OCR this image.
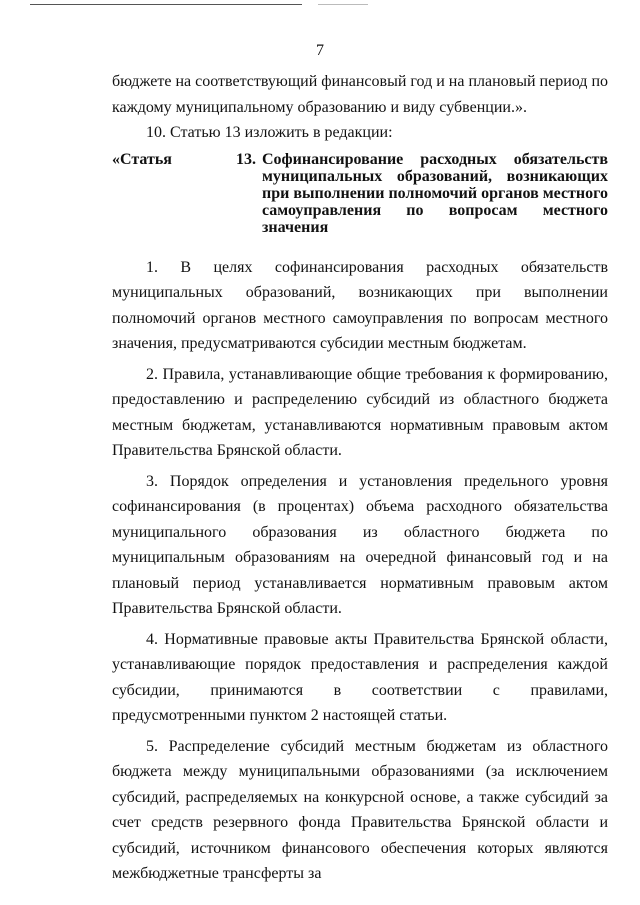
7

бюджете на соответствующий финансовый год и на плановый период по каждому муниципальному образованию и виду субвенции.».

10. Статью 13 изложить в редакции:

«Статья	13. Софинансирование расходных обязательств муниципальных образований, возникающих при выполнении полномочий органов местного самоуправления по вопросам местного значения

1. В целях софинансирования расходных обязательств муниципальных образований, возникающих при выполнении полномочий органов местного самоуправления по вопросам местного значения, предусматриваются субсидии местным бюджетам.

2. Правила, устанавливающие общие требования к формированию, предоставлению и распределению субсидий из областного бюджета местным бюджетам, устанавливаются нормативным правовым актом Правительства Брянской области.

3. Порядок определения и установления предельного уровня софинансирования (в процентах) объема расходного обязательства муниципального образования из областного бюджета по муниципальным образованиям на очередной финансовый год и на плановый период устанавливается нормативным правовым актом Правительства Брянской области.

4. Нормативные правовые акты Правительства Брянской области, устанавливающие порядок предоставления и распределения каждой субсидии, принимаются в соответствии с правилами, предусмотренными пунктом 2 настоящей статьи.

5. Распределение субсидий местным бюджетам из областного бюджета между муниципальными образованиями (за исключением субсидий, распределяемых на конкурсной основе, а также субсидий за счет средств резервного фонда Правительства Брянской области и субсидий, источником финансового обеспечения которых являются межбюджетные трансферты за
